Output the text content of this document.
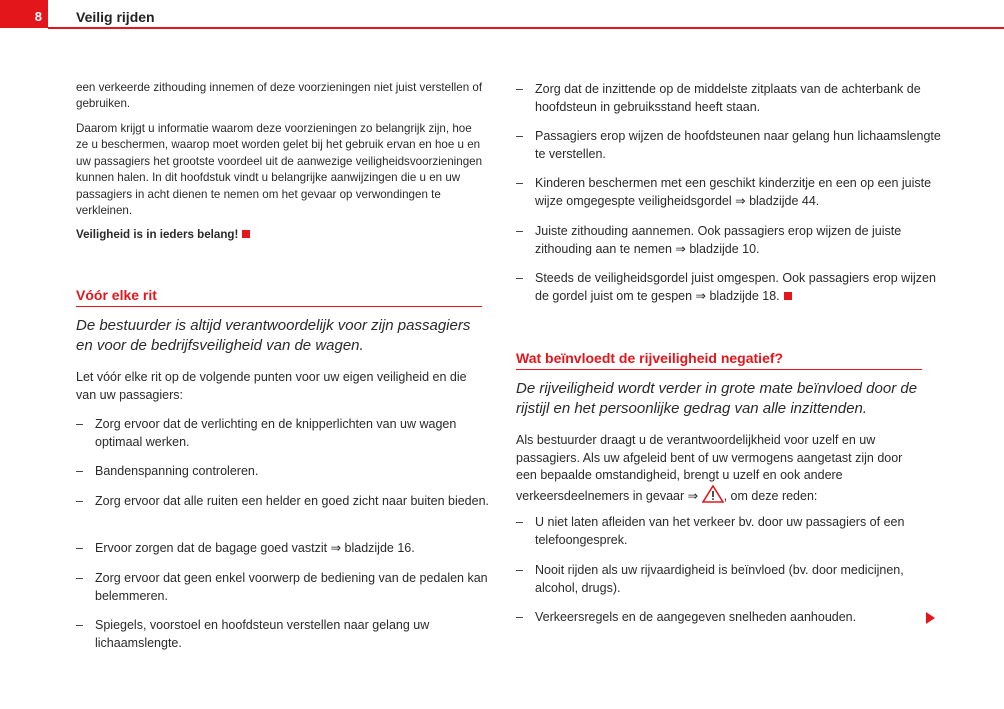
8 Veilig rijden
een verkeerde zithouding innemen of deze voorzieningen niet juist verstellen of gebruiken.
Daarom krijgt u informatie waarom deze voorzieningen zo belangrijk zijn, hoe ze u beschermen, waarop moet worden gelet bij het gebruik ervan en hoe u en uw passagiers het grootste voordeel uit de aanwezige veiligheidsvoorzieningen kunnen halen. In dit hoofdstuk vindt u belangrijke aanwijzingen die u en uw passagiers in acht dienen te nemen om het gevaar op verwondingen te verkleinen.
Veiligheid is in ieders belang!
Vóór elke rit
De bestuurder is altijd verantwoordelijk voor zijn passagiers en voor de bedrijfsveiligheid van de wagen.
Let vóór elke rit op de volgende punten voor uw eigen veiligheid en die van uw passagiers:
– Zorg ervoor dat de verlichting en de knipperlichten van uw wagen optimaal werken.
– Bandenspanning controleren.
– Zorg ervoor dat alle ruiten een helder en goed zicht naar buiten bieden.
– Ervoor zorgen dat de bagage goed vastzit ⇒ bladzijde 16.
– Zorg ervoor dat geen enkel voorwerp de bediening van de pedalen kan belemmeren.
– Spiegels, voorstoel en hoofdsteun verstellen naar gelang uw lichaamslengte.
– Zorg dat de inzittende op de middelste zitplaats van de achterbank de hoofdsteun in gebruiksstand heeft staan.
– Passagiers erop wijzen de hoofdsteunen naar gelang hun lichaamslengte te verstellen.
– Kinderen beschermen met een geschikt kinderzitje en een op een juiste wijze omgegespte veiligheidsgordel ⇒ bladzijde 44.
– Juiste zithouding aannemen. Ook passagiers erop wijzen de juiste zithouding aan te nemen ⇒ bladzijde 10.
– Steeds de veiligheidsgordel juist omgespen. Ook passagiers erop wijzen de gordel juist om te gespen ⇒ bladzijde 18.
Wat beïnvloedt de rijveiligheid negatief?
De rijveiligheid wordt verder in grote mate beïnvloed door de rijstijl en het persoonlijke gedrag van alle inzittenden.
Als bestuurder draagt u de verantwoordelijkheid voor uzelf en uw passagiers. Als uw afgeleid bent of uw vermogens aangetast zijn door een bepaalde omstandigheid, brengt u uzelf en ook andere verkeersdeelnemers in gevaar ⇒ , om deze reden:
– U niet laten afleiden van het verkeer bv. door uw passagiers of een telefoongesprek.
– Nooit rijden als uw rijvaardigheid is beïnvloed (bv. door medicijnen, alcohol, drugs).
– Verkeersregels en de aangegeven snelheden aanhouden.
